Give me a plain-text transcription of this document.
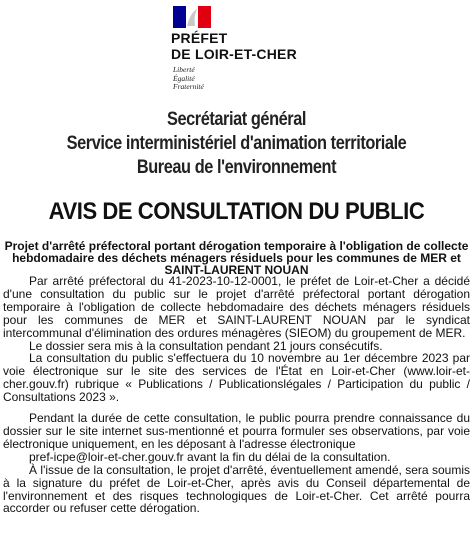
PRÉFET
DE LOIR-ET-CHER
Liberté
Égalité
Fraternité
Secrétariat général
Service interministériel d'animation territoriale
Bureau de l'environnement
AVIS DE CONSULTATION DU PUBLIC
Projet d'arrêté préfectoral portant dérogation temporaire à l'obligation de collecte
hebdomadaire des déchets ménagers résiduels pour les communes de MER et
SAINT-LAURENT NOUAN

Par arrêté préfectoral du 41-2023-10-12-0001, le préfet de Loir-et-Cher a décidé d'une consultation du public sur le projet d'arrêté préfectoral portant dérogation temporaire à l'obligation de collecte hebdomadaire des déchets ménagers résiduels pour les communes de MER et SAINT-LAURENT NOUAN par le syndicat intercommunal d'élimination des ordures ménagères (SIEOM) du groupement de MER.

Le dossier sera mis à la consultation pendant 21 jours consécutifs.

La consultation du public s'effectuera du 10 novembre au 1er décembre 2023 par voie électronique sur le site des services de l'État en Loir-et-Cher (www.loir-et-cher.gouv.fr) rubrique « Publications / Publicationslégales / Participation du public / Consultations 2023 ».

Pendant la durée de cette consultation, le public pourra prendre connaissance du dossier sur le site internet sus-mentionné et pourra formuler ses observations, par voie électronique uniquement, en les déposant à l'adresse électronique

pref-icpe@loir-et-cher.gouv.fr avant la fin du délai de la consultation.

À l'issue de la consultation, le projet d'arrêté, éventuellement amendé, sera soumis à la signature du préfet de Loir-et-Cher, après avis du Conseil départemental de l'environnement et des risques technologiques de Loir-et-Cher. Cet arrêté pourra accorder ou refuser cette dérogation.
